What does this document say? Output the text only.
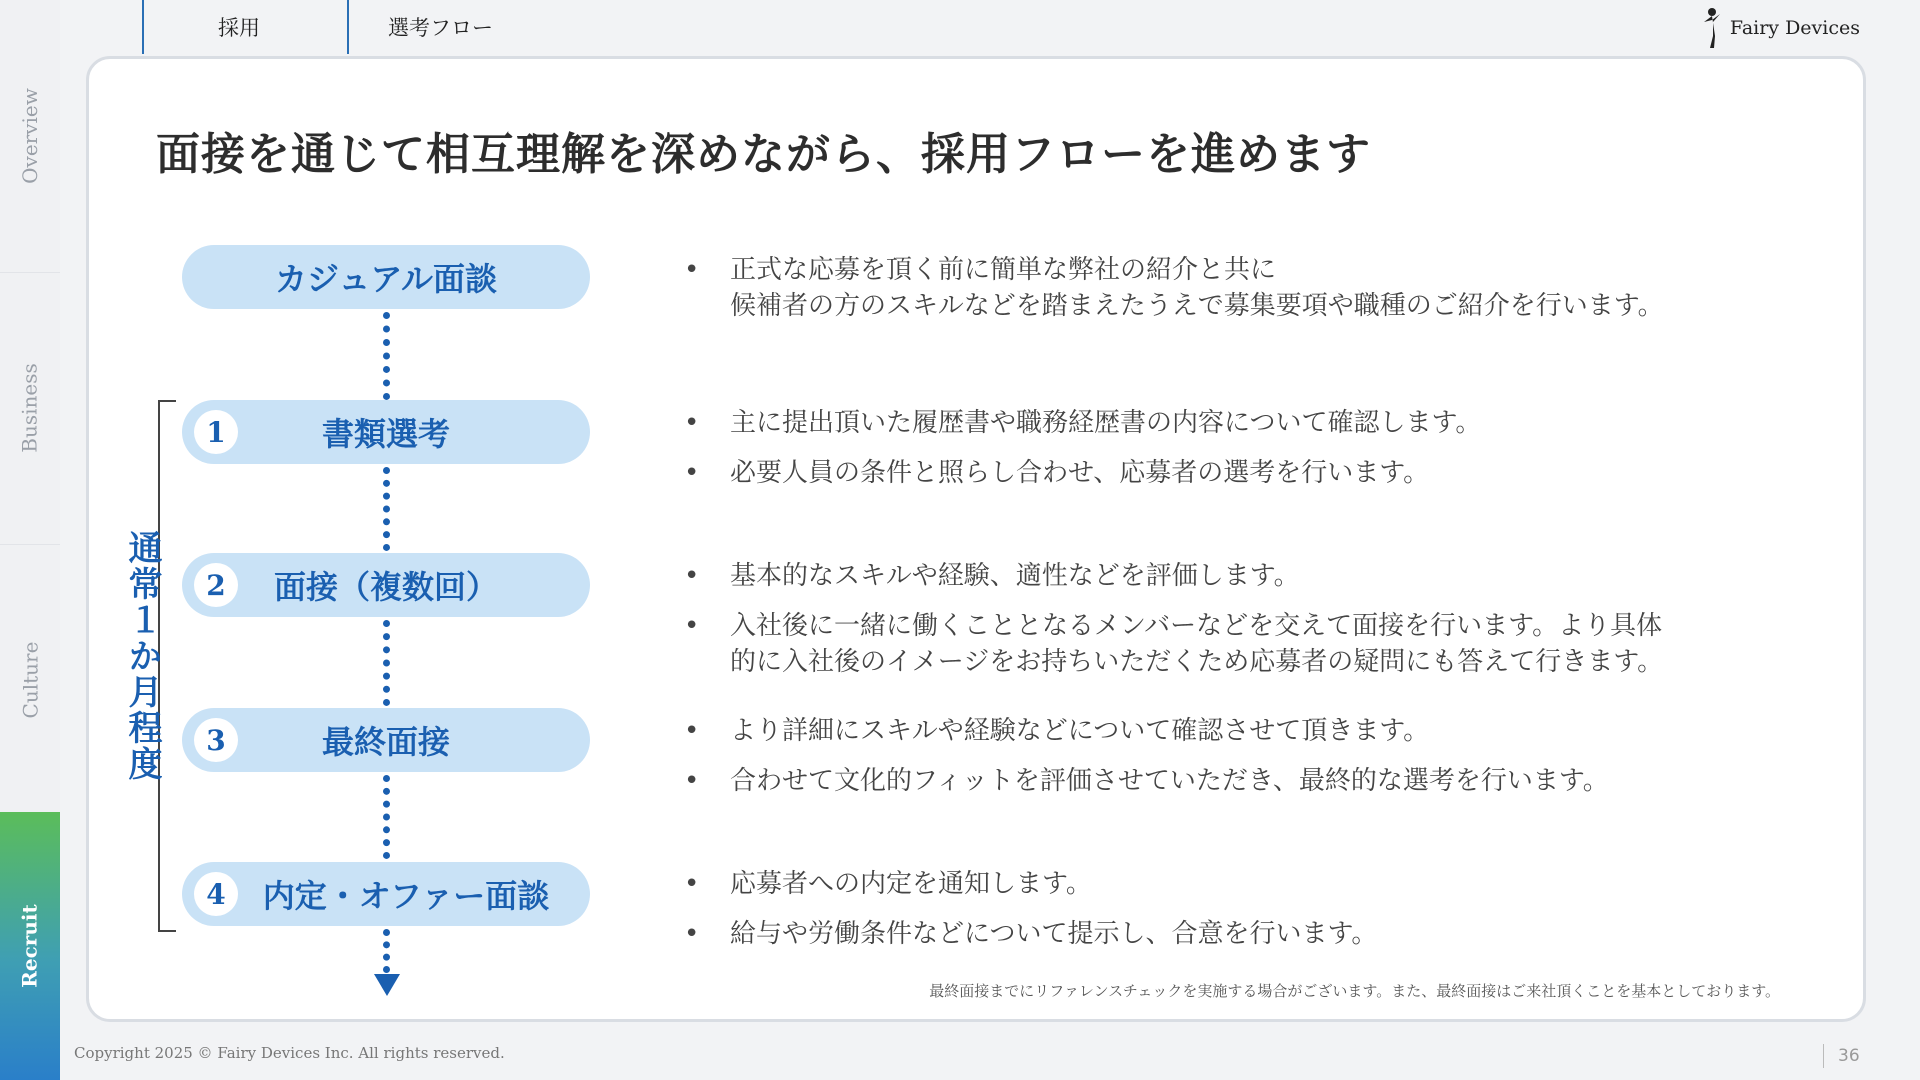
Overview
Business
Culture
Recruit
採用	選考フロー	Fairy Devices
面接を通じて相互理解を深めながら、採用フローを進めます
通常１か月程度
カジュアル面談
1	書類選考
2	面接（複数回）
3	最終面接
4	内定・オファー面談
• 正式な応募を頂く前に簡単な弊社の紹介と共に
候補者の方のスキルなどを踏まえたうえで募集要項や職種のご紹介を行います。
• 主に提出頂いた履歴書や職務経歴書の内容について確認します。
• 必要人員の条件と照らし合わせ、応募者の選考を行います。
• 基本的なスキルや経験、適性などを評価します。
• 入社後に一緒に働くこととなるメンバーなどを交えて面接を行います。より具体
的に入社後のイメージをお持ちいただくため応募者の疑問にも答えて行きます。
• より詳細にスキルや経験などについて確認させて頂きます。
• 合わせて文化的フィットを評価させていただき、最終的な選考を行います。
• 応募者への内定を通知します。
• 給与や労働条件などについて提示し、合意を行います。
最終面接までにリファレンスチェックを実施する場合がございます。また、最終面接はご来社頂くことを基本としております。
Copyright 2025 © Fairy Devices Inc. All rights reserved.	36
